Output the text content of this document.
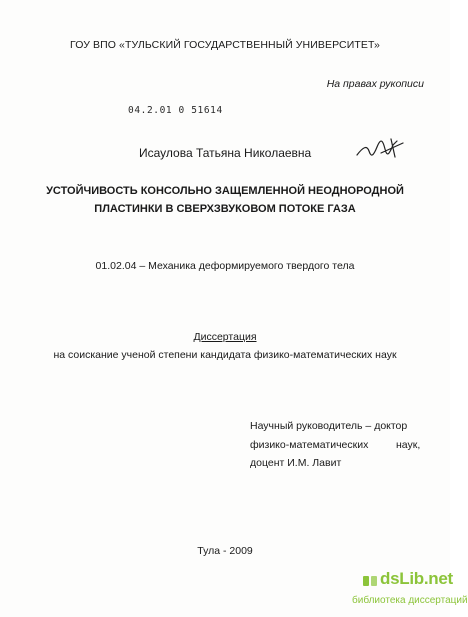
ГОУ ВПО «ТУЛЬСКИЙ ГОСУДАРСТВЕННЫЙ УНИВЕРСИТЕТ»
На правах рукописи
04.2.01 0 51614
Исаулова Татьяна Николаевна
УСТОЙЧИВОСТЬ КОНСОЛЬНО ЗАЩЕМЛЕННОЙ НЕОДНОРОДНОЙ
ПЛАСТИНКИ В СВЕРХЗВУКОВОМ ПОТОКЕ ГАЗА
01.02.04 – Механика деформируемого твердого тела
Диссертация
на соискание ученой степени кандидата физико-математических наук
Научный руководитель – доктор
физико-математических	наук,
доцент И.М. Лавит
Тула - 2009
dsLib.net
библиотека диссертаций
